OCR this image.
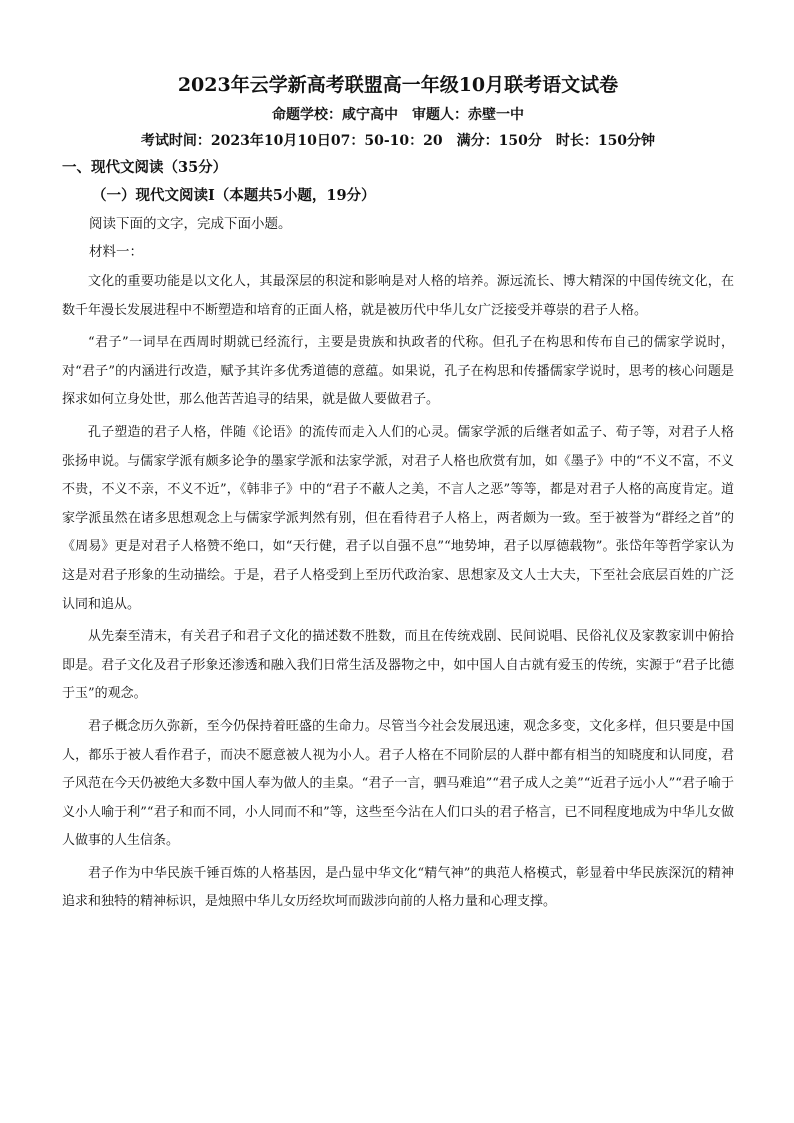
2023年云学新高考联盟高一年级10月联考语文试卷
命题学校：咸宁高中 审题人：赤壁一中
考试时间：2023年10月10日07：50-10：20 满分：150分 时长：150分钟
一、现代文阅读（35分）
（一）现代文阅读Ⅰ（本题共5小题，19分）
阅读下面的文字，完成下面小题。
材料一：

文化的重要功能是以文化人，其最深层的积淀和影响是对人格的培养。源远流长、博大精深的中国传统文化，在数千年漫长发展进程中不断塑造和培育的正面人格，就是被历代中华儿女广泛接受并尊崇的君子人格。

“君子”一词早在西周时期就已经流行，主要是贵族和执政者的代称。但孔子在构思和传布自己的儒家学说时，对“君子”的内涵进行改造，赋予其许多优秀道德的意蕴。如果说，孔子在构思和传播儒家学说时，思考的核心问题是探求如何立身处世，那么他苦苦追寻的结果，就是做人要做君子。

孔子塑造的君子人格，伴随《论语》的流传而走入人们的心灵。儒家学派的后继者如孟子、荀子等，对君子人格张扬申说。与儒家学派有颇多论争的墨家学派和法家学派，对君子人格也欣赏有加，如《墨子》中的“不义不富，不义不贵，不义不亲，不义不近”，《韩非子》中的“君子不蔽人之美，不言人之恶”等等，都是对君子人格的高度肯定。道家学派虽然在诸多思想观念上与儒家学派判然有别，但在看待君子人格上，两者颇为一致。至于被誉为“群经之首”的《周易》更是对君子人格赞不绝口，如“天行健，君子以自强不息”“地势坤，君子以厚德载物”。张岱年等哲学家认为这是对君子形象的生动描绘。于是，君子人格受到上至历代政治家、思想家及文人士大夫，下至社会底层百姓的广泛认同和追从。

从先秦至清末，有关君子和君子文化的描述数不胜数，而且在传统戏剧、民间说唱、民俗礼仪及家教家训中俯拾即是。君子文化及君子形象还渗透和融入我们日常生活及器物之中，如中国人自古就有爱玉的传统，实源于“君子比德于玉”的观念。

君子概念历久弥新，至今仍保持着旺盛的生命力。尽管当今社会发展迅速，观念多变，文化多样，但只要是中国人，都乐于被人看作君子，而决不愿意被人视为小人。君子人格在不同阶层的人群中都有相当的知晓度和认同度，君子风范在今天仍被绝大多数中国人奉为做人的圭臬。“君子一言，驷马难追”“君子成人之美”“近君子远小人”“君子喻于义小人喻于利”“君子和而不同，小人同而不和”等，这些至今沾在人们口头的君子格言，已不同程度地成为中华儿女做人做事的人生信条。

君子作为中华民族千锤百炼的人格基因，是凸显中华文化“精气神”的典范人格模式，彰显着中华民族深沉的精神追求和独特的精神标识，是烛照中华儿女历经坎坷而跋涉向前的人格力量和心理支撑。
